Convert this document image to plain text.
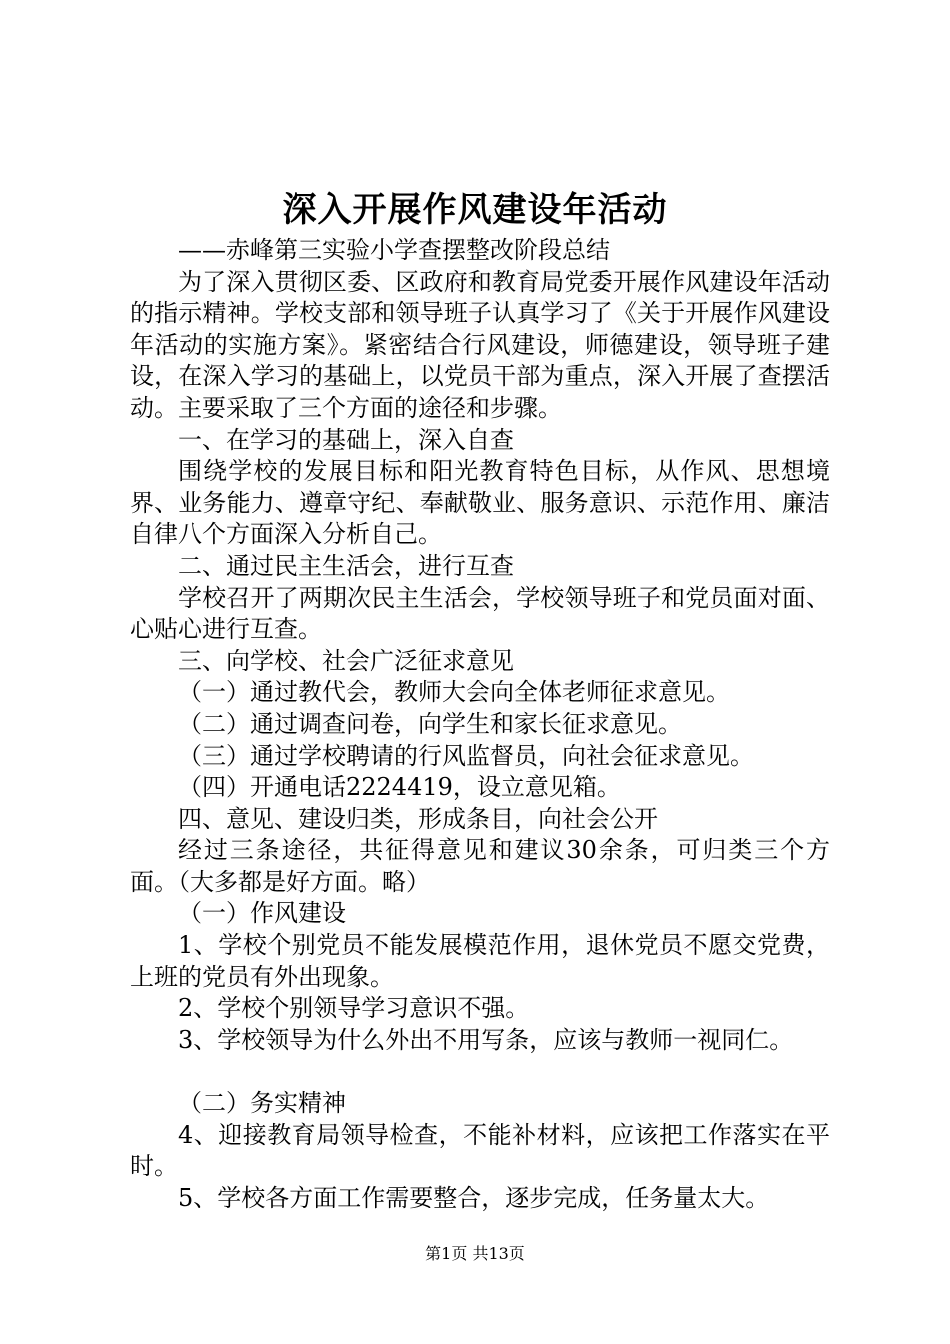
深入开展作风建设年活动

——赤峰第三实验小学查摆整改阶段总结

为了深入贯彻区委、区政府和教育局党委开展作风建设年活动的指示精神。学校支部和领导班子认真学习了《关于开展作风建设年活动的实施方案》。紧密结合行风建设，师德建设，领导班子建设，在深入学习的基础上，以党员干部为重点，深入开展了查摆活动。主要采取了三个方面的途径和步骤。

一、在学习的基础上，深入自查

围绕学校的发展目标和阳光教育特色目标，从作风、思想境界、业务能力、遵章守纪、奉献敬业、服务意识、示范作用、廉洁自律八个方面深入分析自己。

二、通过民主生活会，进行互查

学校召开了两期次民主生活会，学校领导班子和党员面对面、心贴心进行互查。

三、向学校、社会广泛征求意见

（一）通过教代会，教师大会向全体老师征求意见。

（二）通过调查问卷，向学生和家长征求意见。

（三）通过学校聘请的行风监督员，向社会征求意见。

（四）开通电话2224419，设立意见箱。

四、意见、建设归类，形成条目，向社会公开

经过三条途径，共征得意见和建议30余条，可归类三个方面。（大多都是好方面。略）

（一）作风建设

1、学校个别党员不能发展模范作用，退休党员不愿交党费，上班的党员有外出现象。

2、学校个别领导学习意识不强。

3、学校领导为什么外出不用写条，应该与教师一视同仁。

（二）务实精神

4、迎接教育局领导检查，不能补材料，应该把工作落实在平时。

5、学校各方面工作需要整合，逐步完成，任务量太大。

第1页 共13页
